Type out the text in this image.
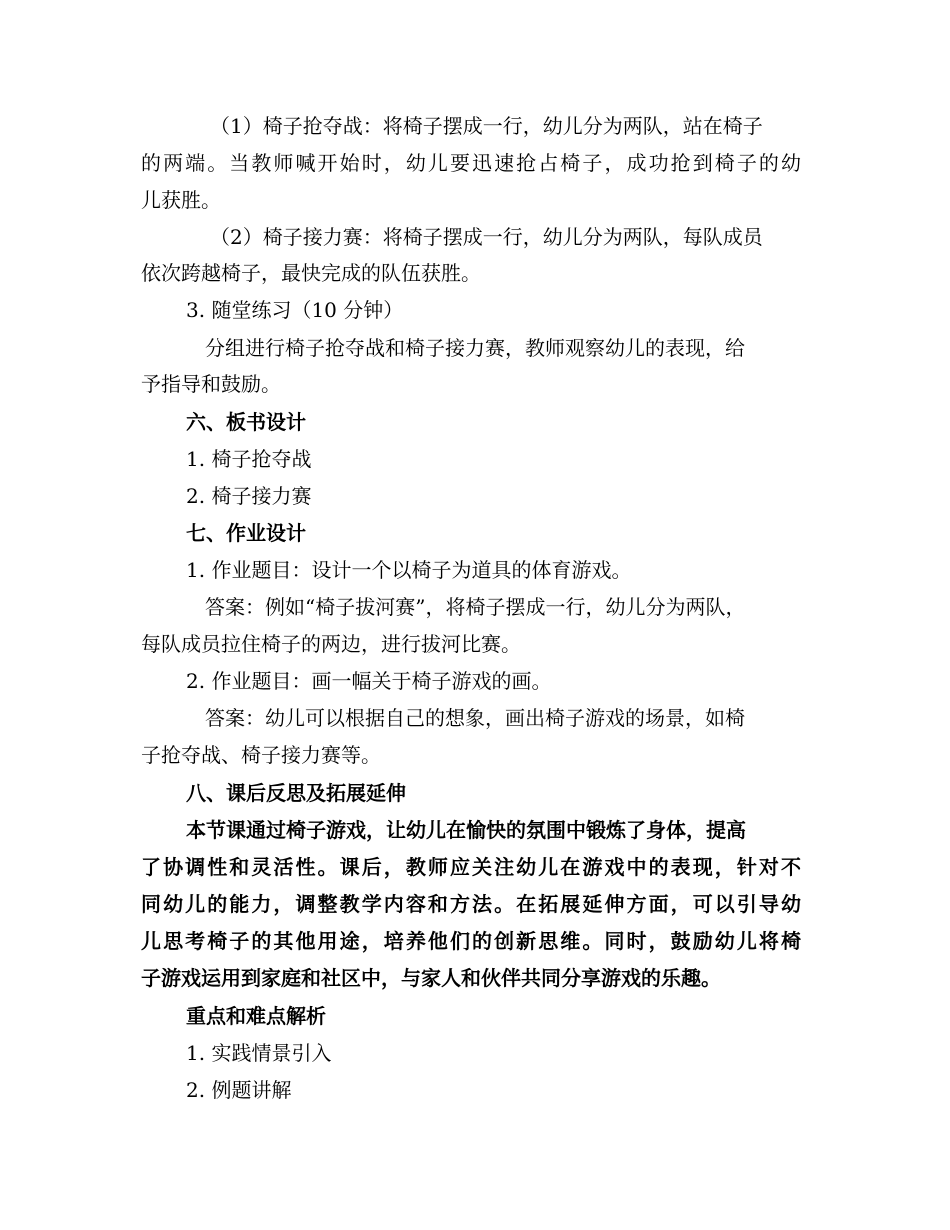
（1）椅子抢夺战：将椅子摆成一行，幼儿分为两队，站在椅子
的两端。当教师喊开始时，幼儿要迅速抢占椅子，成功抢到椅子的幼
儿获胜。
（2）椅子接力赛：将椅子摆成一行，幼儿分为两队，每队成员
依次跨越椅子，最快完成的队伍获胜。
3. 随堂练习（10 分钟）
分组进行椅子抢夺战和椅子接力赛，教师观察幼儿的表现，给
予指导和鼓励。
六、板书设计
1. 椅子抢夺战
2. 椅子接力赛
七、作业设计
1. 作业题目：设计一个以椅子为道具的体育游戏。
答案：例如“椅子拔河赛”，将椅子摆成一行，幼儿分为两队，
每队成员拉住椅子的两边，进行拔河比赛。
2. 作业题目：画一幅关于椅子游戏的画。
答案：幼儿可以根据自己的想象，画出椅子游戏的场景，如椅
子抢夺战、椅子接力赛等。
八、课后反思及拓展延伸
本节课通过椅子游戏，让幼儿在愉快的氛围中锻炼了身体，提高
了协调性和灵活性。课后，教师应关注幼儿在游戏中的表现，针对不
同幼儿的能力，调整教学内容和方法。在拓展延伸方面，可以引导幼
儿思考椅子的其他用途，培养他们的创新思维。同时，鼓励幼儿将椅
子游戏运用到家庭和社区中，与家人和伙伴共同分享游戏的乐趣。
重点和难点解析
1. 实践情景引入
2. 例题讲解
